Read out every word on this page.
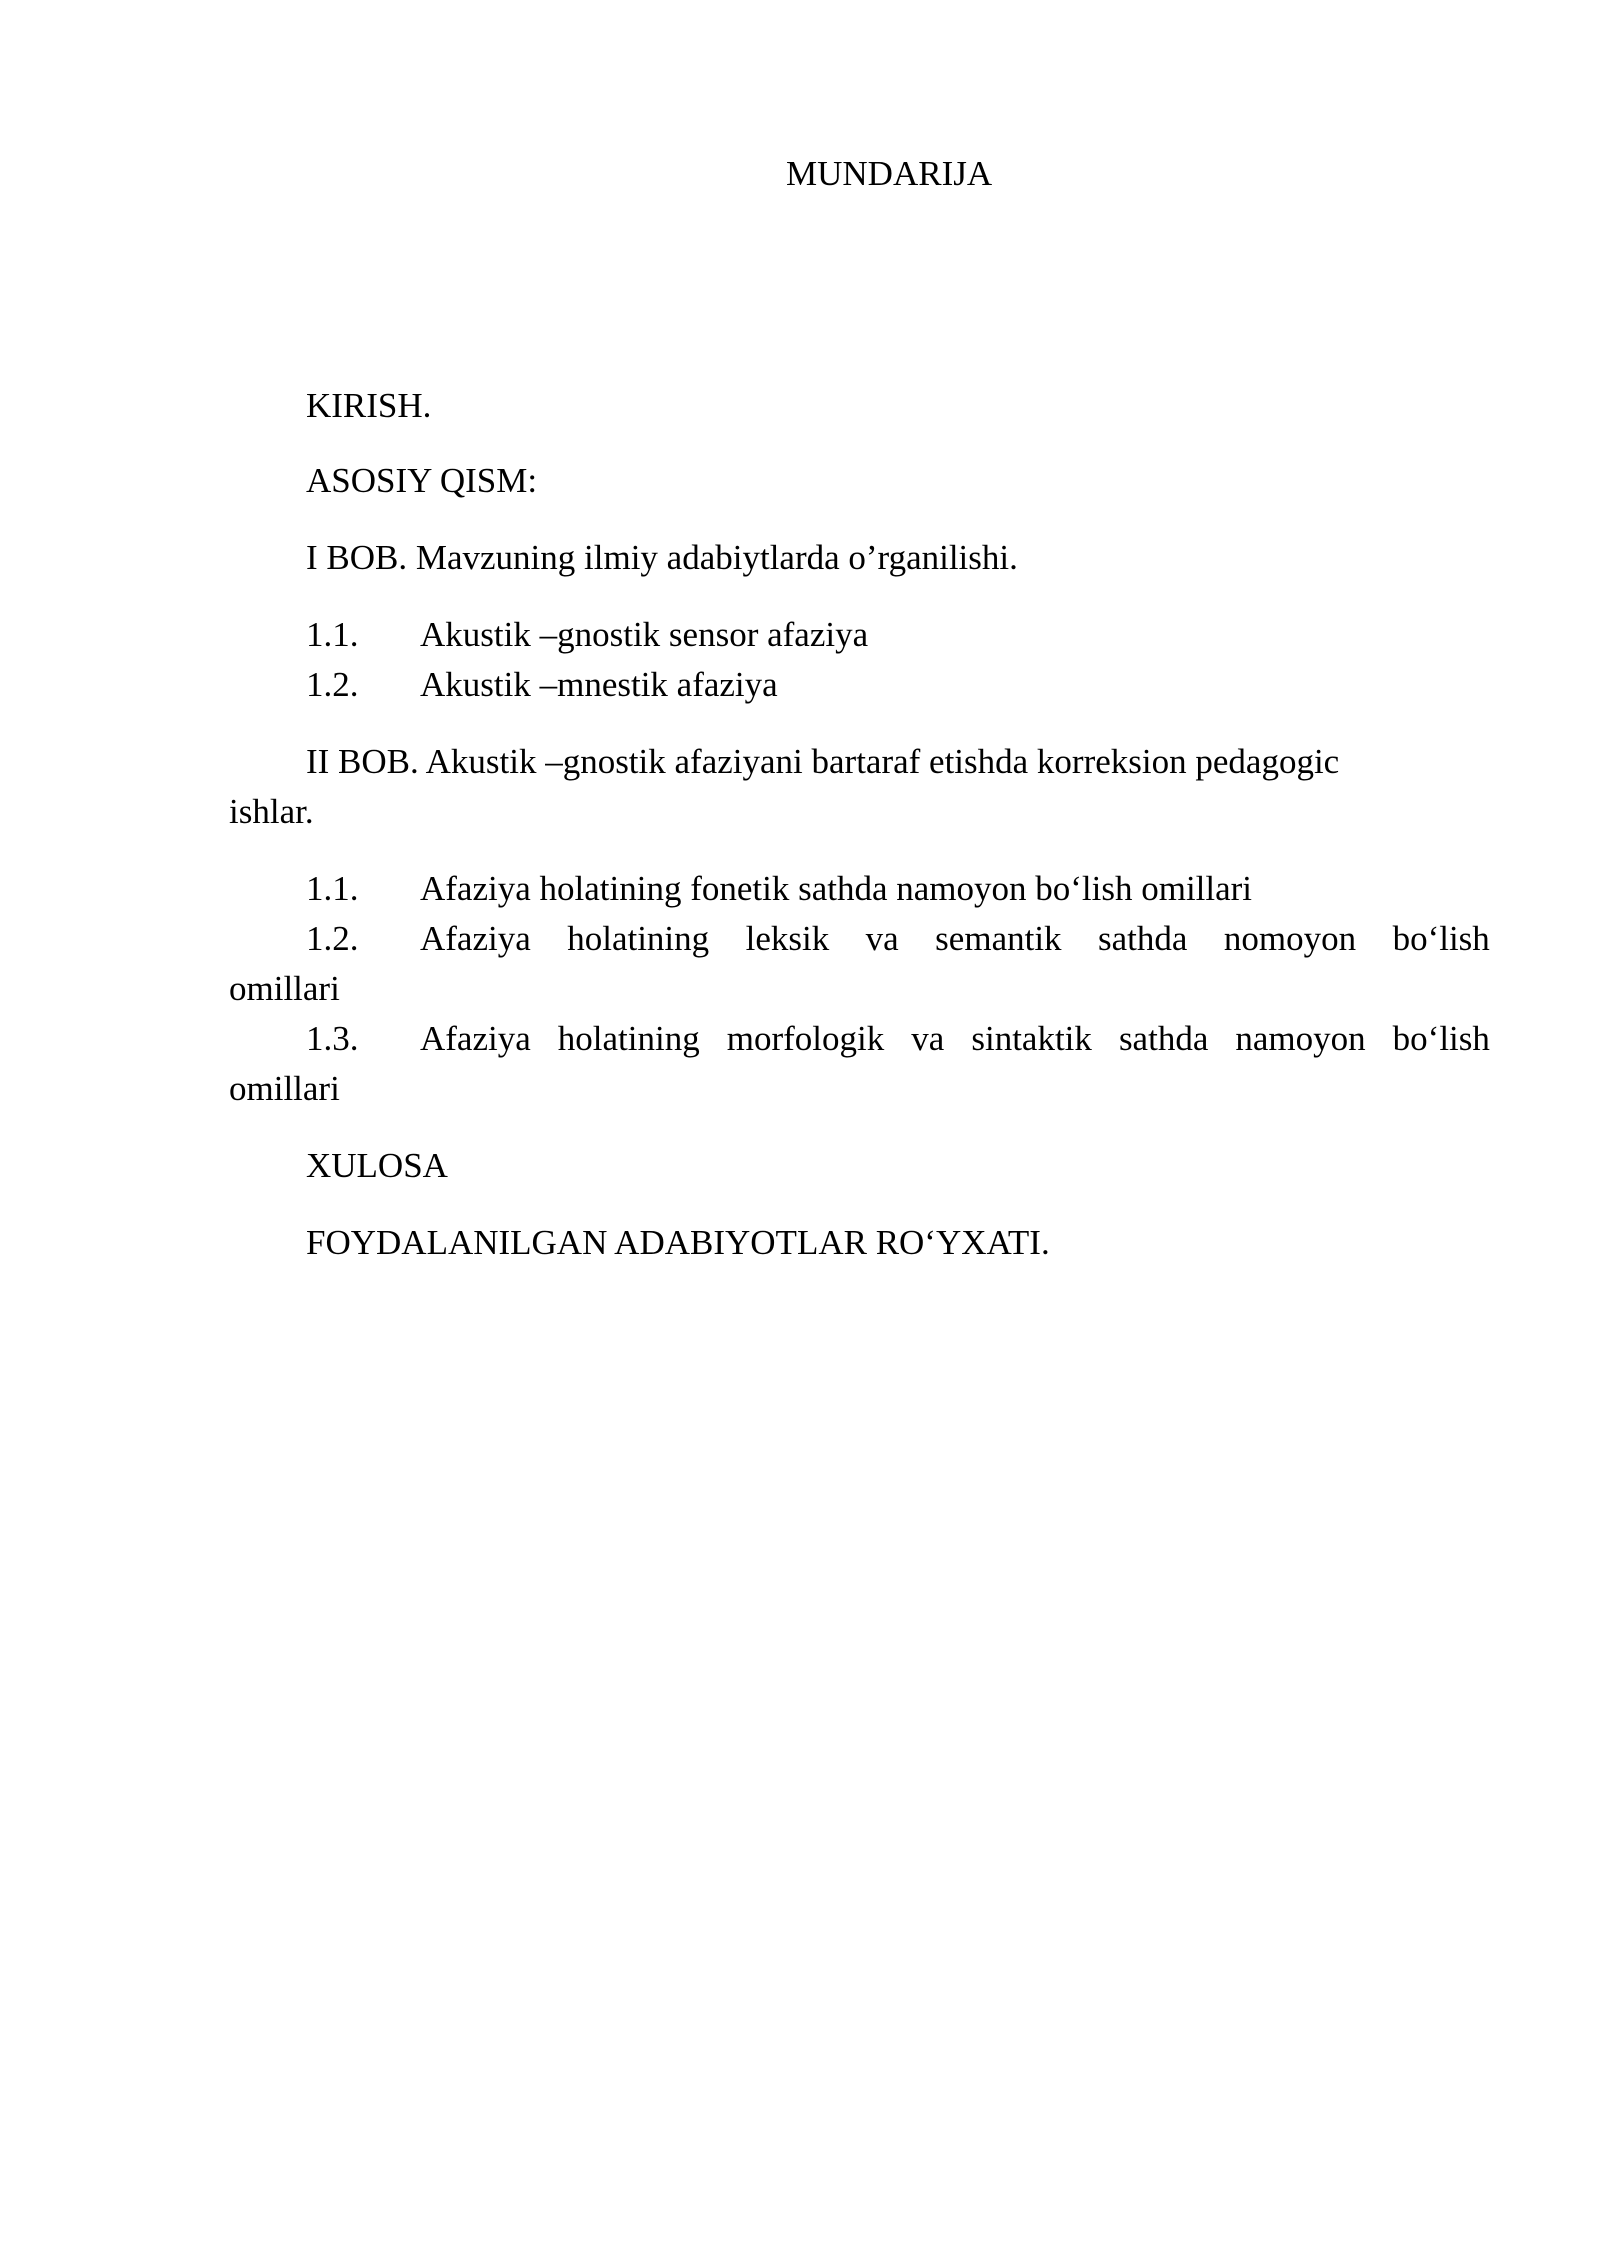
MUNDARIJA
KIRISH.
ASOSIY QISM:
I BOB. Mavzuning ilmiy adabiytlarda o’rganilishi.
1.1. Akustik –gnostik sensor afaziya
1.2. Akustik –mnestik afaziya
II BOB. Akustik –gnostik afaziyani bartaraf etishda korreksion pedagogic
ishlar.
1.1. Afaziya holatining fonetik sathda namoyon bo‘lish omillari
1.2. Afaziya holatining leksik va semantik sathda nomoyon bo‘lish
omillari
1.3. Afaziya holatining morfologik va sintaktik sathda namoyon bo‘lish
omillari
XULOSA
FOYDALANILGAN ADABIYOTLAR RO‘YXATI.
